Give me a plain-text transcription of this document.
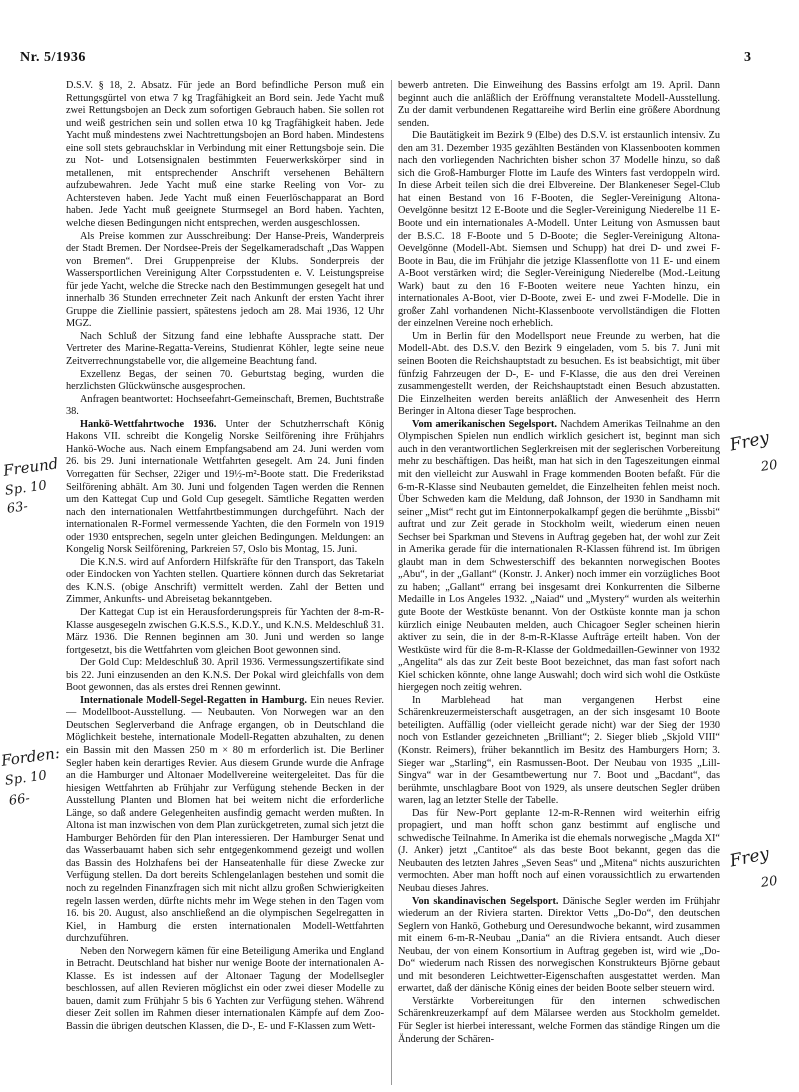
Nr. 5/1936	3

D.S.V. § 18, 2. Absatz. Für jede an Bord befindliche Person muß ein Rettungsgürtel von etwa 7 kg Tragfähigkeit an Bord sein. Jede Yacht muß zwei Rettungsbojen an Deck zum sofortigen Gebrauch haben. Sie sollen rot und weiß gestrichen sein und sollen etwa 10 kg Tragfähigkeit haben. Jede Yacht muß mindestens zwei Nachtrettungsbojen an Bord haben. Mindestens eine soll stets gebrauchsklar in Verbindung mit einer Rettungsboje sein. Die zu Not- und Lotsensignalen bestimmten Feuerwerkskörper sind in metallenen, mit entsprechender Anschrift versehenen Behältern aufzubewahren. Jede Yacht muß eine starke Reeling von Vor- zu Achtersteven haben. Jede Yacht muß einen Feuerlöschapparat an Bord haben. Jede Yacht muß geeignete Sturmsegel an Bord haben. Yachten, welche diesen Bedingungen nicht entsprechen, werden ausgeschlossen.

Als Preise kommen zur Ausschreibung: Der Hanse-Preis, Wanderpreis der Stadt Bremen. Der Nordsee-Preis der Segelkameradschaft „Das Wappen von Bremen“. Drei Gruppenpreise der Klubs. Sonderpreis der Wassersportlichen Vereinigung Alter Corpsstudenten e. V. Leistungspreise für jede Yacht, welche die Strecke nach den Bestimmungen gesegelt hat und innerhalb 36 Stunden errechneter Zeit nach Ankunft der ersten Yacht ihrer Gruppe die Ziellinie passiert, spätestens jedoch am 28. Mai 1936, 12 Uhr MGZ.

Nach Schluß der Sitzung fand eine lebhafte Aussprache statt. Der Vertreter des Marine-Regatta-Vereins, Studienrat Köhler, legte seine neue Zeitverrechnungstabelle vor, die allgemeine Beachtung fand.

Exzellenz Begas, der seinen 70. Geburtstag beging, wurden die herzlichsten Glückwünsche ausgesprochen.

Anfragen beantwortet: Hochseefahrt-Gemeinschaft, Bremen, Buchtstraße 38.

Hankö-Wettfahrtwoche 1936. Unter der Schutzherrschaft König Hakons VII. schreibt die Kongelig Norske Seilförening ihre Frühjahrs Hankö-Woche aus. Nach einem Empfangsabend am 24. Juni werden vom 26. bis 29. Juni internationale Wettfahrten gesegelt. Am 24. Juni finden Vorregatten für Sechser, 22iger und 19½-m²-Boote statt. Die Frederikstad Seilförening abhält. Am 30. Juni und folgenden Tagen werden die Rennen um den Kattegat Cup und Gold Cup gesegelt. Sämtliche Regatten werden nach den internationalen Wettfahrtbestimmungen durchgeführt. Nach der internationalen R-Formel vermessende Yachten, die den Formeln von 1919 oder 1930 entsprechen, segeln unter gleichen Bedingungen. Meldungen: an Kongelig Norsk Seilförening, Parkreien 57, Oslo bis Montag, 15. Juni.

Die K.N.S. wird auf Anfordern Hilfskräfte für den Transport, das Takeln oder Eindocken von Yachten stellen. Quartiere können durch das Sekretariat des K.N.S. (obige Anschrift) vermittelt werden. Zahl der Betten und Zimmer, Ankunfts- und Abreisetag bekanntgeben.

Der Kattegat Cup ist ein Herausforderungspreis für Yachten der 8-m-R-Klasse ausgesegeln zwischen G.K.S.S., K.D.Y., und K.N.S. Meldeschluß 31. März 1936. Die Rennen beginnen am 30. Juni und werden so lange fortgesetzt, bis die Wettfahrten vom gleichen Boot gewonnen sind.

Der Gold Cup: Meldeschluß 30. April 1936. Vermessungszertifikate sind bis 22. Juni einzusenden an den K.N.S. Der Pokal wird gleichfalls von dem Boot gewonnen, das als erstes drei Rennen gewinnt.

Internationale Modell-Segel-Regatten in Hamburg. Ein neues Revier. — Modellboot-Ausstellung. — Neubauten. Von Norwegen war an den Deutschen Seglerverband die Anfrage ergangen, ob in Deutschland die Möglichkeit bestehe, internationale Modell-Regatten abzuhalten, zu denen ein Bassin mit den Massen 250 m × 80 m erforderlich ist. Die Berliner Segler haben kein derartiges Revier. Aus diesem Grunde wurde die Anfrage an die Hamburger und Altonaer Modellvereine weitergeleitet. Das für die hiesigen Wettfahrten ab Frühjahr zur Verfügung stehende Becken in der Ausstellung Planten und Blomen hat bei weitem nicht die erforderliche Länge, so daß andere Gelegenheiten ausfindig gemacht werden mußten. In Altona ist man inzwischen von dem Plan zurückgetreten, zumal sich jetzt die Hamburger Behörden für den Plan interessieren. Der Hamburger Senat und das Wasserbauamt haben sich sehr entgegenkommend gezeigt und wollen das Bassin des Holzhafens bei der Hanseatenhalle für diese Zwecke zur Verfügung stellen. Da dort bereits Schlengelanlagen bestehen und somit die noch zu regelnden Finanzfragen sich mit nicht allzu großen Schwierigkeiten regeln lassen werden, dürfte nichts mehr im Wege stehen in den Tagen vom 16. bis 20. August, also anschließend an die olympischen Segelregatten in Kiel, in Hamburg die ersten internationalen Modell-Wettfahrten durchzuführen.

Neben den Norwegern kämen für eine Beteiligung Amerika und England in Betracht. Deutschland hat bisher nur wenige Boote der internationalen A-Klasse. Es ist indessen auf der Altonaer Tagung der Modellsegler beschlossen, auf allen Revieren möglichst ein oder zwei dieser Modelle zu bauen, damit zum Frühjahr 5 bis 6 Yachten zur Verfügung stehen. Während dieser Zeit sollen im Rahmen dieser internationalen Kämpfe auf dem Zoo-Bassin die übrigen deutschen Klassen, die D-, E- und F-Klassen zum Wett-

bewerb antreten. Die Einweihung des Bassins erfolgt am 19. April. Dann beginnt auch die anläßlich der Eröffnung veranstaltete Modell-Ausstellung. Zu der damit verbundenen Regattareihe wird Berlin eine größere Abordnung senden.

Die Bautätigkeit im Bezirk 9 (Elbe) des D.S.V. ist erstaunlich intensiv. Zu den am 31. Dezember 1935 gezählten Beständen von Klassenbooten kommen nach den vorliegenden Nachrichten bisher schon 37 Modelle hinzu, so daß sich die Groß-Hamburger Flotte im Laufe des Winters fast verdoppeln wird. In diese Arbeit teilen sich die drei Elbvereine. Der Blankeneser Segel-Club hat einen Bestand von 16 F-Booten, die Segler-Vereinigung Altona-Oevelgönne besitzt 12 E-Boote und die Segler-Vereinigung Niederelbe 11 E-Boote und ein internationales A-Modell. Unter Leitung von Asmussen baut der B.S.C. 18 F-Boote und 5 D-Boote; die Segler-Vereinigung Altona-Oevelgönne (Modell-Abt. Siemsen und Schupp) hat drei D- und zwei F-Boote in Bau, die im Frühjahr die jetzige Klassenflotte von 11 E- und einem A-Boot verstärken wird; die Segler-Vereinigung Niederelbe (Mod.-Leitung Wark) baut zu den 16 F-Booten weitere neue Yachten hinzu, ein internationales A-Boot, vier D-Boote, zwei E- und zwei F-Modelle. Die in großer Zahl vorhandenen Nicht-Klassenboote vervollständigen die Flotten der einzelnen Vereine noch erheblich.

Um in Berlin für den Modellsport neue Freunde zu werben, hat die Modell-Abt. des D.S.V. den Bezirk 9 eingeladen, vom 5. bis 7. Juni mit seinen Booten die Reichshauptstadt zu besuchen. Es ist beabsichtigt, mit über fünfzig Fahrzeugen der D-, E- und F-Klasse, die aus den drei Vereinen zusammengestellt werden, der Reichshauptstadt einen Besuch abzustatten. Die Einzelheiten werden bereits anläßlich der Anwesenheit des Herrn Beringer in Altona dieser Tage besprochen.

Vom amerikanischen Segelsport. Nachdem Amerikas Teilnahme an den Olympischen Spielen nun endlich wirklich gesichert ist, beginnt man sich auch in den verantwortlichen Seglerkreisen mit der seglerischen Vorbereitung mehr zu beschäftigen. Das heißt, man hat sich in den Tageszeitungen einmal mit den vielleicht zur Auswahl in Frage kommenden Booten befaßt. Für die 6-m-R-Klasse sind Neubauten gemeldet, die Einzelheiten fehlen meist noch. Über Schweden kam die Meldung, daß Johnson, der 1930 in Sandhamn mit seiner „Mist“ recht gut im Eintonnerpokalkampf gegen die berühmte „Bissbi“ auftrat und zur Zeit gerade in Stockholm weilt, wiederum einen neuen Sechser bei Sparkman und Stevens in Auftrag gegeben hat, der wohl zur Zeit in Amerika gerade für die internationalen R-Klassen führend ist. Im übrigen glaubt man in dem Schwesterschiff des bekannten norwegischen Bootes „Abu“, in der „Gallant“ (Konstr. J. Anker) noch immer ein vorzügliches Boot zu haben; „Gallant“ errang bei insgesamt drei Konkurrenten die Silberne Medaille in Los Angeles 1932. „Naiad“ und „Mystery“ wurden als weiterhin gute Boote der Westküste benannt. Von der Ostküste konnte man ja schon kürzlich einige Neubauten melden, auch Chicagoer Segler scheinen hierin aktiver zu sein, die in der 8-m-R-Klasse Aufträge erteilt haben. Von der Westküste wird für die 8-m-R-Klasse der Goldmedaillen-Gewinner von 1932 „Angelita“ als das zur Zeit beste Boot bezeichnet, das man fast sofort nach Kiel schicken könnte, ohne lange Auswahl; doch wird sich wohl die Ostküste hiergegen noch zeitig wehren.

In Marblehead hat man vergangenen Herbst eine Schärenkreuzermeisterschaft ausgetragen, an der sich insgesamt 10 Boote beteiligten. Auffällig (oder vielleicht gerade nicht) war der Sieg der 1930 noch von Estlander gezeichneten „Brilliant“; 2. Sieger blieb „Skjold VIII“ (Konstr. Reimers), früher bekanntlich im Besitz des Hamburgers Horn; 3. Sieger war „Starling“, ein Rasmussen-Boot. Der Neubau von 1935 „Lill-Singva“ war in der Gesamtbewertung nur 7. Boot und „Bacdant“, das berühmte, unschlagbare Boot von 1929, als unsere deutschen Segler drüben waren, lag an letzter Stelle der Tabelle.

Das für New-Port geplante 12-m-R-Rennen wird weiterhin eifrig propagiert, und man hofft schon ganz bestimmt auf englische und schwedische Teilnahme. In Amerika ist die ehemals norwegische „Magda XI“ (J. Anker) jetzt „Cantitoe“ als das beste Boot bekannt, gegen das die Neubauten des letzten Jahres „Seven Seas“ und „Mitena“ nichts auszurichten vermochten. Aber man hofft noch auf einen voraussichtlich zu erwartenden Neubau dieses Jahres.

Von skandinavischen Segelsport. Dänische Segler werden im Frühjahr wiederum an der Riviera starten. Direktor Vetts „Do-Do“, den deutschen Seglern von Hankö, Gotheburg und Oeresundwoche bekannt, wird zusammen mit einem 6-m-R-Neubau „Dania“ an die Riviera entsandt. Auch dieser Neubau, der von einem Konsortium in Auftrag gegeben ist, wird wie „Do-Do“ wiederum nach Rissen des norwegischen Konstrukteurs Björne gebaut und mit besonderen Leichtwetter-Eigenschaften ausgestattet werden. Man erwartet, daß der dänische König eines der beiden Boote selber steuern wird.

Verstärkte Vorbereitungen für den internen schwedischen Schärenkreuzerkampf auf dem Mälarsee werden aus Stockholm gemeldet. Für Segler ist hierbei interessant, welche Formen das ständige Ringen um die Änderung der Schären-

Freund
Sp. 10
63-
Forden:
Sp. 10
66-
Frey
20
Frey
20
